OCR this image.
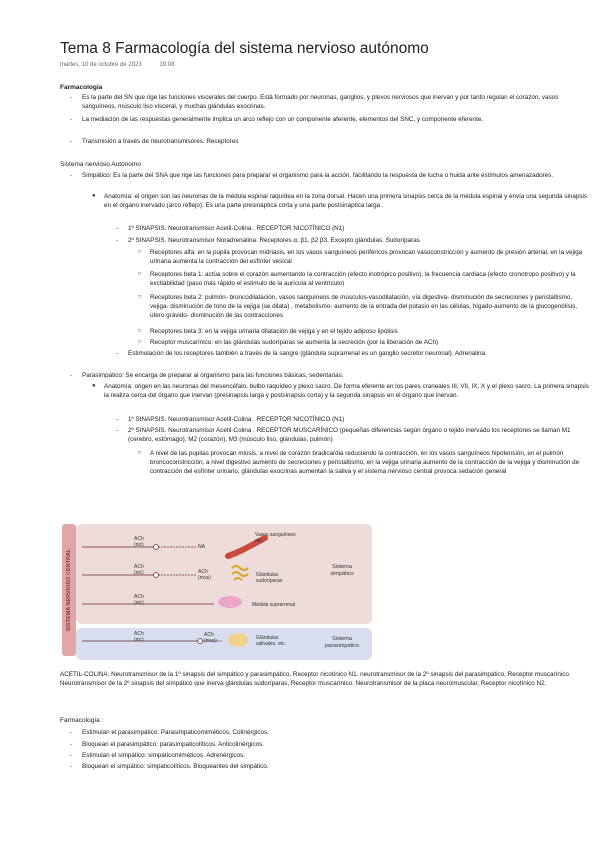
Tema 8 Farmacología del sistema nervioso autónomo
martes, 10 de octubre de 2023	19:08
Farmacología
-	Es la parte del SN que rige las funciones viscerales del cuerpo. Está formado por neuronas, ganglios, y plexos nerviosos que inervan y por tanto regulan el corazón, vasos sanguíneos, músculo liso visceral, y muchas glándulas exocrinas.
-	La mediación de las respuestas generalmente implica un arco reflejo con un componente aferente, elementos del SNC, y componente eferente.
-	Transmisión a través de neurotransmisores. Receptores
Sistema nervioso Autónomo
-	Simpático: Es la parte del SNA que rige las funciones para preparar el organismo para la acción, facilitando la respuesta de lucha o huida ante estímulos amenazadores.
●	Anatomía: el origen son las neuronas de la médula espinal raquídea en la zona dorsal. Hacen una primera sinapsis cerca de la médula espinal y envía una segunda sinapsis en el órgano inervado (arco reflejo). Es una parte presináptica corta y una parte postsináptica larga .
-	1º SINAPSIS. Neurotransmisor Acetil-Colina . RECEPTOR NICOTÍNICO (N1)
-	2º SINAPSIS. Neurotransmisor Noradrenalina. Receptores α, β1, β2 β3. Excepto glándulas. Sudoríparas
□	Receptores alfa: en la pupila provocan midriasis, en los vasos sanguíneos periféricos provocan vasoconstricción y aumento de presión arterial, en la vejiga urinaria aumenta la contracción del esfínter vesical
□	Receptores beta 1: actúa sobre el corazón aumentando la contracción (efecto inotrópico positivo), la frecuencia cardiaca (efecto cronotropo positivo) y la excitabilidad (paso más rápido el estimulo de la aurícula al ventrículo)
□	Receptores beta 2: pulmón- broncodilatación, vasos sanguíneos de músculos-vasodilatación, vía digestiva- disminución de secreciones y peristaltismo, vejiga- disminución de tono de la vejiga (se dilata) , metabolismo- aumento de la entrada del potasio en las células, hígado-aumento de la glucogenólisis, útero grávido- disminución de las contracciones
□	Receptores beta 3: en la vejiga urinaria dilatación de vejiga y en el tejido adiposo lipólisis
□	Receptor muscarínico: en las glándulas sudoríparas se aumenta la secreción (por la liberación de ACh)
-	Estimulación de los receptores también a través de la sangre (glándula suprarrenal es un ganglio secretor neuronal). Adrenalina.
-	Parasimpático: Se encarga de preparar al organismo para las funciones básicas, sedentarias.
●	Anatomía: origen en las neuronas del mesencéfalo, bulbo raquídeo y plexo sacro. De forma eferente en los pares craneales III, VII, IX, X y el plexo sacro. La primera sinapsis la realiza cerca del órgano que inervan (presinapsis larga y postsinapsis corta) y la segunda sinapsis en el órgano que inervan.
-	1º SINAPSIS. Neurotransmisor Acetil-Colina . RECEPTOR NICOTÍNICO (N1)
-	2º SINAPSIS. Neurotransmisor Acetil-Colina . RECEPTOR MUSCARÍNICO (pequeñas diferencias según órgano o tejido inervado los receptores se llaman M1 (cerebro, estómago), M2 (corazón), M3 (músculo liso, glándulas, pulmón)
□	A nivel de las pupilas provocan miosis, a nivel de corazón bradicardia reduciendo la contracción, en los vasos sanguíneos hipotensión, en el pulmón broncoconstricción, a nivel digestivo aumento de secreciones y peristaltismo, en la vejiga urinaria aumento de la contracción de la vejiga y disminución de contracción del esfínter urinario, glándulas exocrinas aumentan la saliva y el sistema nervioso central provoca sedación general
SISTEMA NERVIOSO CENTRAL
ACh
(nic)
ACh
(nic)
ACh
(nic)
ACh
(nic)
NA
ACh
(mus)
ACh
(mus)
Vasos sanguíneos
etc.
Glándulas
sudoríparas
Médula suprarrenal
Glándulas
salivales, etc.
Sistema
simpático
Sistema
parasimpático
ACETIL-COLINA: Neurotransmisor de la 1º sinapsis del simpático y parasimpático, Receptor nicotínico N1. neurotransmisor de la 2º sinapsis del parasimpático, Receptor muscarínico. Neurotransmisor de la 2º sinapsis del simpático que inerva glándulas sudoríparas, Receptor muscarínico. Neurotransmisor de la placa neuromuscular, Receptor nicotínico N2.
Farmacología :
-	Estimulan el parasimpático: Parasimpaticomiméticos. Colinérgicos.
-	Bloquean el parasimpático: parasimpaticolíticos. Anticolinérgicos.
-	Estimulan el simpático: simpaticomiméticos. Adrenérgicos.
-	Bloquean el simpático: simpaticolíticos. Bloqueantes del simpático.
